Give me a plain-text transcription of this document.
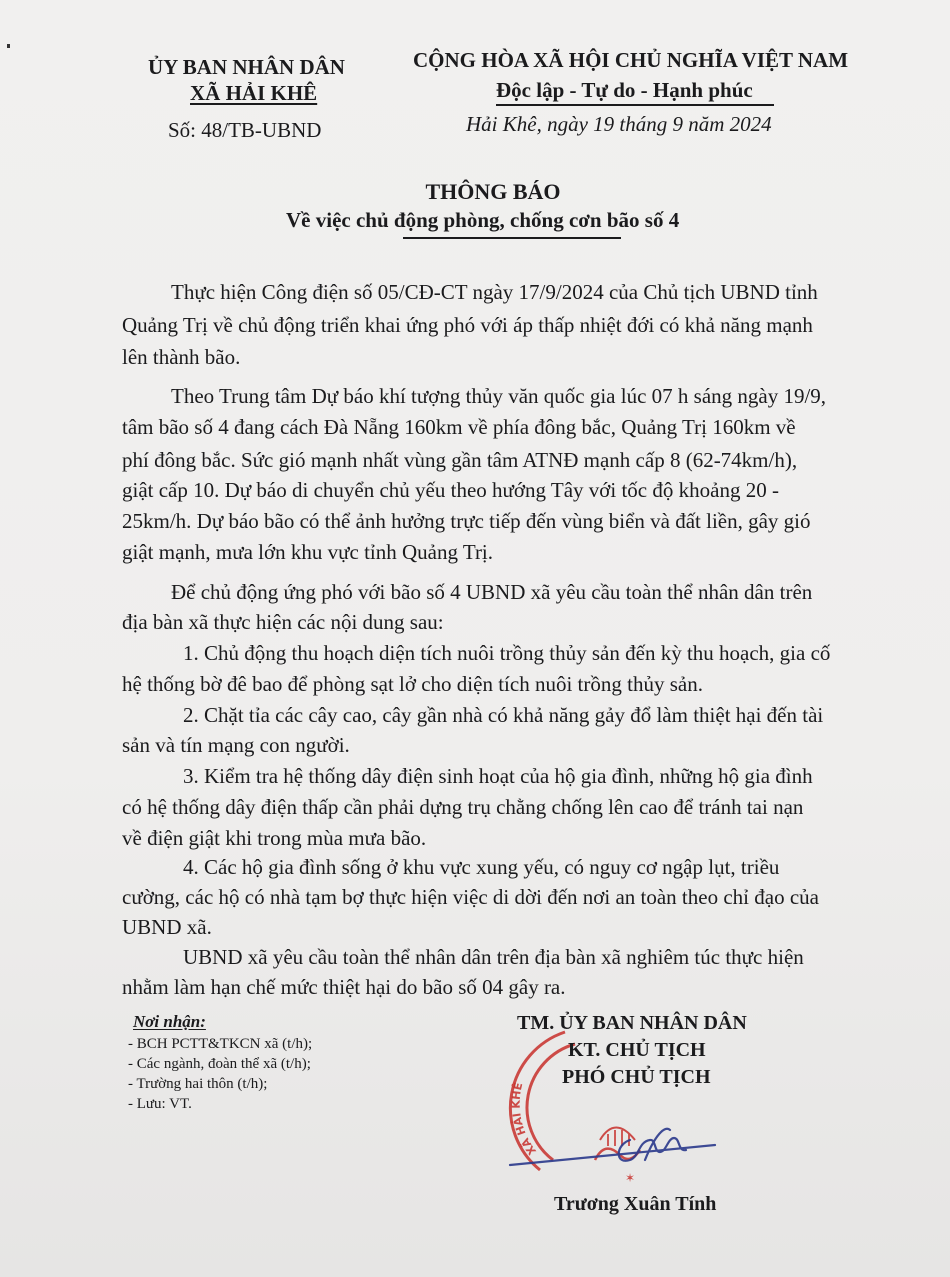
ỦY BAN NHÂN DÂN
XÃ HẢI KHÊ
Số: 48/TB-UBND
CỘNG HÒA XÃ HỘI CHỦ NGHĨA VIỆT NAM
Độc lập - Tự do - Hạnh phúc
Hải Khê, ngày 19 tháng 9 năm 2024
THÔNG BÁO
Về việc chủ động phòng, chống cơn bão số 4
Thực hiện Công điện số 05/CĐ-CT ngày 17/9/2024 của Chủ tịch UBND tỉnh
Quảng Trị về chủ động triển khai ứng phó với áp thấp nhiệt đới có khả năng mạnh
lên thành bão.
Theo Trung tâm Dự báo khí tượng thủy văn quốc gia lúc 07 h sáng ngày 19/9,
tâm bão số 4 đang cách Đà Nẵng 160km về phía đông bắc, Quảng Trị 160km về
phí đông bắc. Sức gió mạnh nhất vùng gần tâm ATNĐ mạnh cấp 8 (62-74km/h),
giật cấp 10. Dự báo di chuyển chủ yếu theo hướng Tây với tốc độ khoảng 20 -
25km/h. Dự báo bão có thể ảnh hưởng trực tiếp đến vùng biển và đất liền, gây gió
giật mạnh, mưa lớn khu vực tỉnh Quảng Trị.
Để chủ động ứng phó với bão số 4 UBND xã yêu cầu toàn thể nhân dân trên
địa bàn xã thực hiện các nội dung sau:
1. Chủ động thu hoạch diện tích nuôi trồng thủy sản đến kỳ thu hoạch, gia cố
hệ thống bờ đê bao để phòng sạt lở cho diện tích nuôi trồng thủy sản.
2. Chặt tỉa các cây cao, cây gần nhà có khả năng gảy đổ làm thiệt hại đến tài
sản và tín mạng con người.
3. Kiểm tra hệ thống dây điện sinh hoạt của hộ gia đình, những hộ gia đình
có hệ thống dây điện thấp cần phải dựng trụ chằng chống lên cao để tránh tai nạn
về điện giật khi trong mùa mưa bão.
4. Các hộ gia đình sống ở khu vực xung yếu, có nguy cơ ngập lụt, triều
cường, các hộ có nhà tạm bợ thực hiện việc di dời đến nơi an toàn theo chỉ đạo của
UBND xã.
UBND xã yêu cầu toàn thể nhân dân trên địa bàn xã nghiêm túc thực hiện
nhằm làm hạn chế mức thiệt hại do bão số 04 gây ra.
Nơi nhận:
- BCH PCTT&TKCN xã (t/h);
- Các ngành, đoàn thể xã (t/h);
- Trường hai thôn (t/h);
- Lưu: VT.
XÃ HẢI KHÊ
✶
TM. ỦY BAN NHÂN DÂN
KT. CHỦ TỊCH
PHÓ CHỦ TỊCH
Trương Xuân Tính
